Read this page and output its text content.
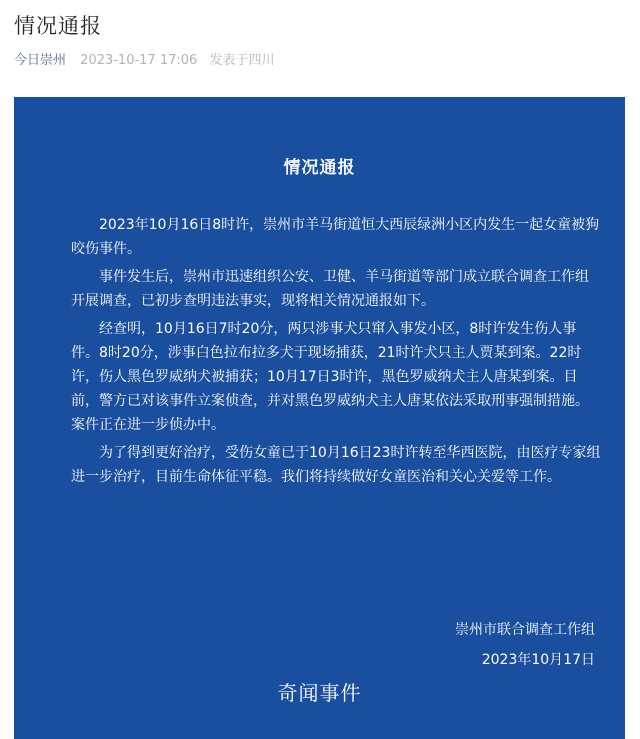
情况通报
今日崇州 2023-10-17 17:06 发表于四川
情况通报

2023年10月16日8时许，崇州市羊马街道恒大西辰绿洲小区内发生一起女童被狗咬伤事件。

事件发生后，崇州市迅速组织公安、卫健、羊马街道等部门成立联合调查工作组开展调查，已初步查明违法事实，现将相关情况通报如下。

经查明，10月16日7时20分，两只涉事犬只窜入事发小区，8时许发生伤人事件。8时20分，涉事白色拉布拉多犬于现场捕获，21时许犬只主人贾某到案。22时许，伤人黑色罗威纳犬被捕获；10月17日3时许，黑色罗威纳犬主人唐某到案。目前，警方已对该事件立案侦查，并对黑色罗威纳犬主人唐某依法采取刑事强制措施。案件正在进一步侦办中。

为了得到更好治疗，受伤女童已于10月16日23时许转至华西医院，由医疗专家组进一步治疗，目前生命体征平稳。我们将持续做好女童医治和关心关爱等工作。

崇州市联合调查工作组
2023年10月17日
奇闻事件
